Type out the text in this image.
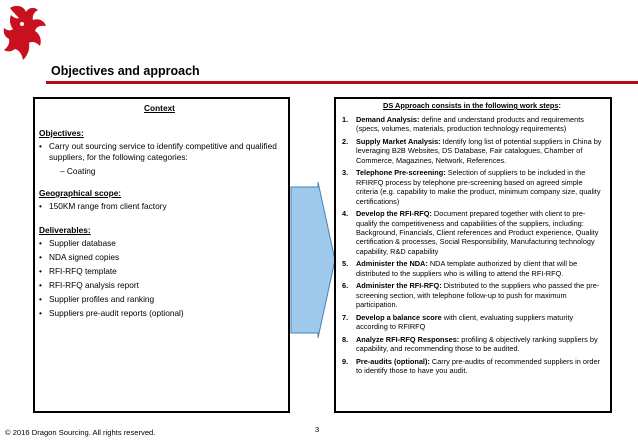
Objectives and approach
Context
Objectives:
• Carry out sourcing service to identify competitive and qualified suppliers, for the following categories:
– Coating
Geographical scope:
• 150KM range from client factory
Deliverables:
• Supplier database
• NDA signed copies
• RFI-RFQ template
• RFI-RFQ analysis report
• Supplier profiles and ranking
• Suppliers pre-audit reports (optional)
DS Approach consists in the following work steps:
1.	Demand Analysis: define and understand products and requirements (specs, volumes, materials, production technology requirements)
2.	Supply Market Analysis: Identify long list of potential suppliers in China by leveraging B2B Websites, DS Database, Fair catalogues, Chamber of Commerce, Magazines, Network, References.
3.	Telephone Pre-screening: Selection of suppliers to be included in the RFIRFQ process by telephone pre-screening based on agreed simple criteria (e.g. capability to make the product, minimum company size, quality certifications)
4.	Develop the RFI-RFQ: Document prepared together with client to pre-qualify the competitiveness and capabilities of the suppliers, including: Background, Financials, Client references and Product experience, Quality certification & processes, Social Responsibility, Manufacturing technology capability, R&D capability
5.	Administer the NDA: NDA template authorized by client that will be distributed to the suppliers who is willing to attend the RFI-RFQ.
6.	Administer the RFI-RFQ: Distributed to the suppliers who passed the pre-screening section, with telephone follow-up to push for maximum participation.
7.	Develop a balance score with client, evaluating suppliers maturity according to RFIRFQ
8.	Analyze RFI-RFQ Responses: profiling & objectively ranking suppliers by capability, and recommending those to be audited.
9.	Pre-audits (optional): Carry pre-audits of recommended suppliers in order to identify those to have you audit.
© 2016 Dragon Sourcing. All rights reserved.	3
